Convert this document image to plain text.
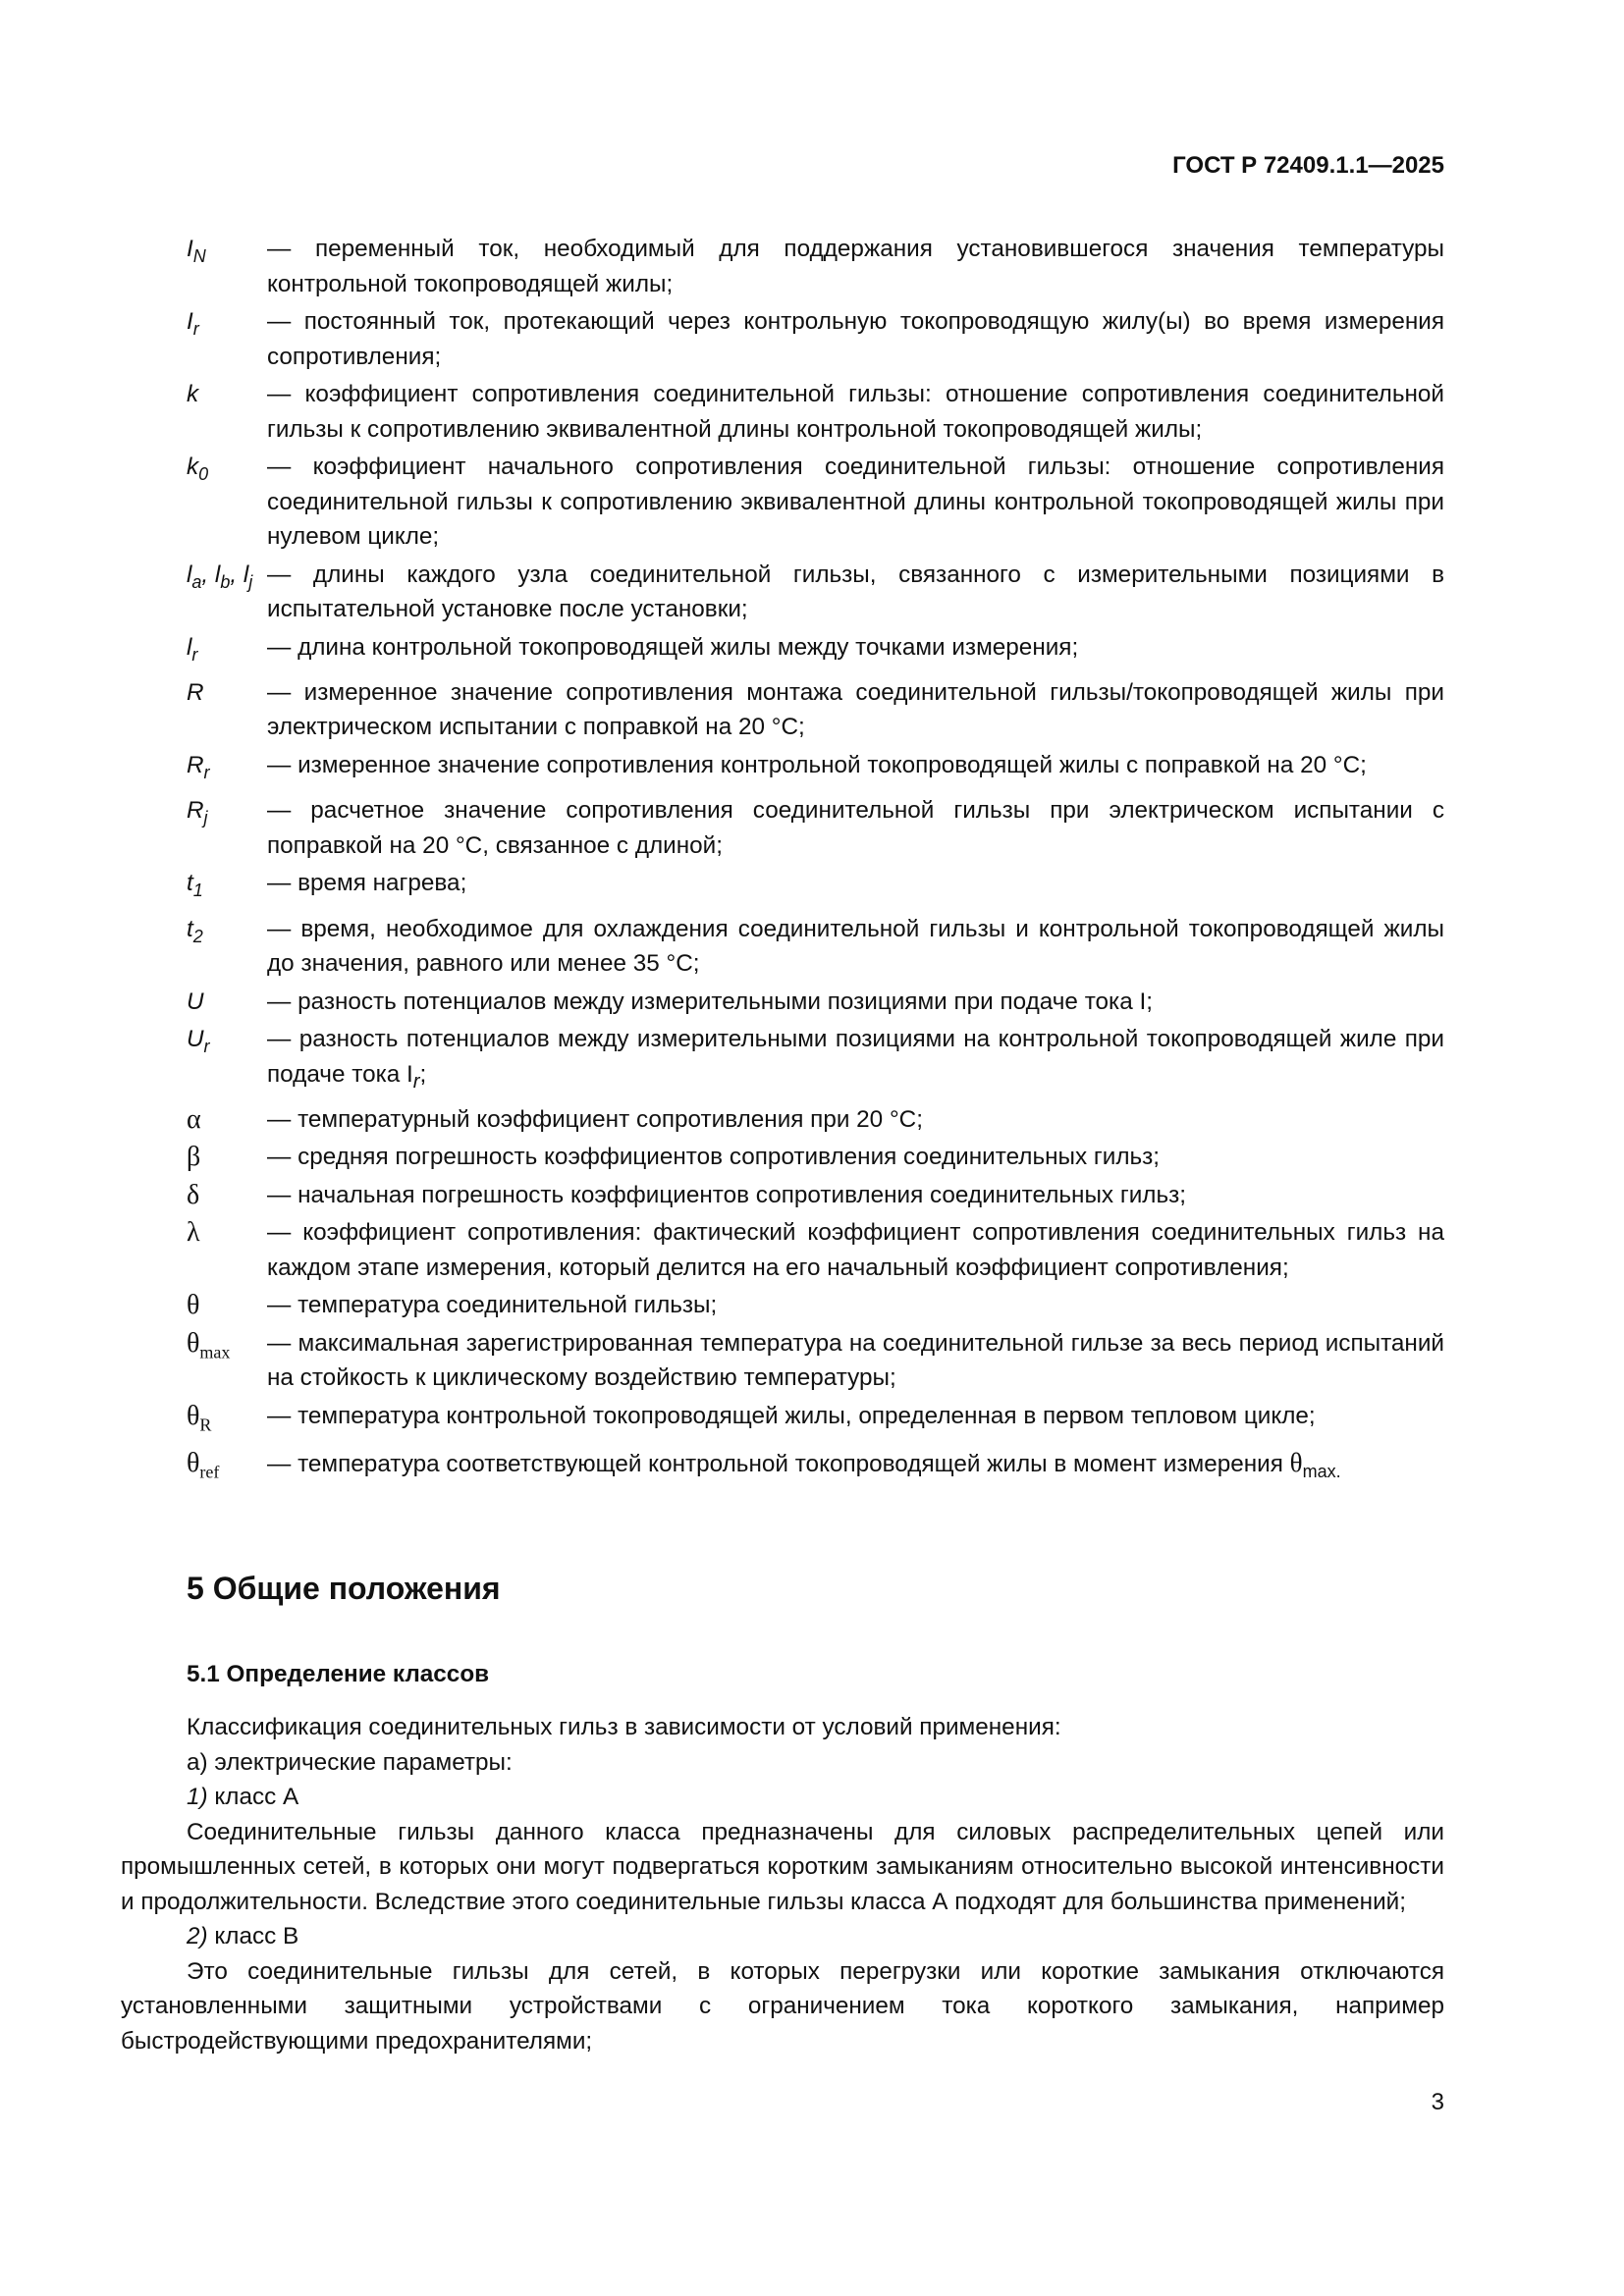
ГОСТ Р 72409.1.1—2025
$I_N$	— переменный ток, необходимый для поддержания установившегося значения температуры контрольной токопроводящей жилы;
$I_r$	— постоянный ток, протекающий через контрольную токопроводящую жилу(ы) во время измерения сопротивления;
k	— коэффициент сопротивления соединительной гильзы: отношение сопротивления соединительной гильзы к сопротивлению эквивалентной длины контрольной токопроводящей жилы;
$k_0$	— коэффициент начального сопротивления соединительной гильзы: отношение сопротивления соединительной гильзы к сопротивлению эквивалентной длины контрольной токопроводящей жилы при нулевом цикле;
$l_a$, $l_b$, $l_j$ — длины каждого узла соединительной гильзы, связанного с измерительными позициями в испытательной установке после установки;
$l_r$	— длина контрольной токопроводящей жилы между точками измерения;
R	— измеренное значение сопротивления монтажа соединительной гильзы/токопроводящей жилы при электрическом испытании с поправкой на 20 °C;
$R_r$	— измеренное значение сопротивления контрольной токопроводящей жилы с поправкой на 20 °C;
$R_j$	— расчетное значение сопротивления соединительной гильзы при электрическом испытании с поправкой на 20 °C, связанное с длиной;
$t_1$	— время нагрева;
$t_2$	— время, необходимое для охлаждения соединительной гильзы и контрольной токопроводящей жилы до значения, равного или менее 35 °C;
U	— разность потенциалов между измерительными позициями при подаче тока I;
$U_r$	— разность потенциалов между измерительными позициями на контрольной токопроводящей жиле при подаче тока $I_r$;
α	— температурный коэффициент сопротивления при 20 °C;
β	— средняя погрешность коэффициентов сопротивления соединительных гильз;
δ	— начальная погрешность коэффициентов сопротивления соединительных гильз;
λ	— коэффициент сопротивления: фактический коэффициент сопротивления соединительных гильз на каждом этапе измерения, который делится на его начальный коэффициент сопротивления;
θ	— температура соединительной гильзы;
$\theta_{max}$	— максимальная зарегистрированная температура на соединительной гильзе за весь период испытаний на стойкость к циклическому воздействию температуры;
$\theta_R$	— температура контрольной токопроводящей жилы, определенная в первом тепловом цикле;
$\theta_{ref}$	— температура соответствующей контрольной токопроводящей жилы в момент измерения $\theta_{max.}$
5 Общие положения
5.1 Определение классов

Классификация соединительных гильз в зависимости от условий применения:

а) электрические параметры:

1) класс А

Соединительные гильзы данного класса предназначены для силовых распределительных цепей или промышленных сетей, в которых они могут подвергаться коротким замыканиям относительно высокой интенсивности и продолжительности. Вследствие этого соединительные гильзы класса А подходят для большинства применений;

2) класс В

Это соединительные гильзы для сетей, в которых перегрузки или короткие замыкания отключаются установленными защитными устройствами с ограничением тока короткого замыкания, например быстродействующими предохранителями;

3
